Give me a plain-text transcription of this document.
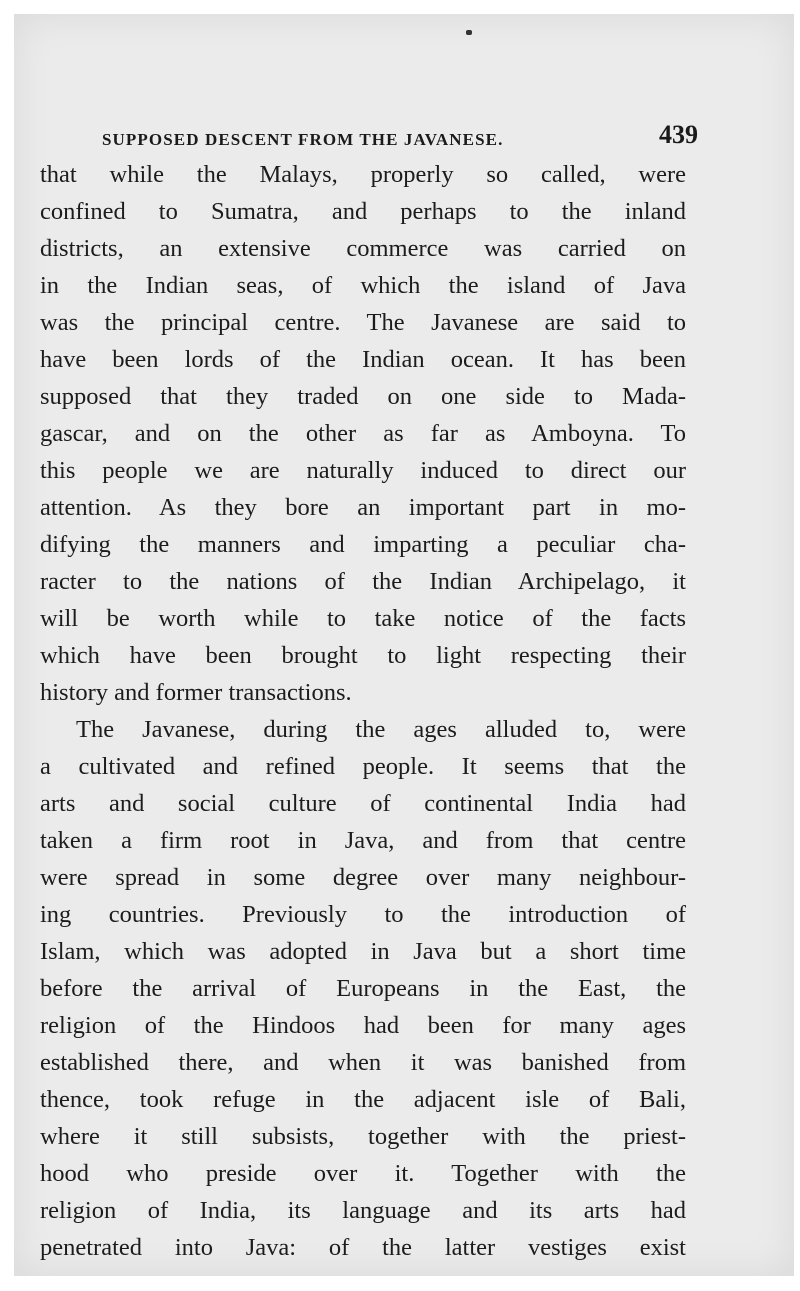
SUPPOSED DESCENT FROM THE JAVANESE.	439
that while the Malays, properly so called, were
confined to Sumatra, and perhaps to the inland
districts, an extensive commerce was carried on
in the Indian seas, of which the island of Java
was the principal centre. The Javanese are said to
have been lords of the Indian ocean. It has been
supposed that they traded on one side to Mada-
gascar, and on the other as far as Amboyna. To
this people we are naturally induced to direct our
attention. As they bore an important part in mo-
difying the manners and imparting a peculiar cha-
racter to the nations of the Indian Archipelago, it
will be worth while to take notice of the facts
which have been brought to light respecting their
history and former transactions.
The Javanese, during the ages alluded to, were
a cultivated and refined people. It seems that the
arts and social culture of continental India had
taken a firm root in Java, and from that centre
were spread in some degree over many neighbour-
ing countries. Previously to the introduction of
Islam, which was adopted in Java but a short time
before the arrival of Europeans in the East, the
religion of the Hindoos had been for many ages
established there, and when it was banished from
thence, took refuge in the adjacent isle of Bali,
where it still subsists, together with the priest-
hood who preside over it. Together with the
religion of India, its language and its arts had
penetrated into Java: of the latter vestiges exist
